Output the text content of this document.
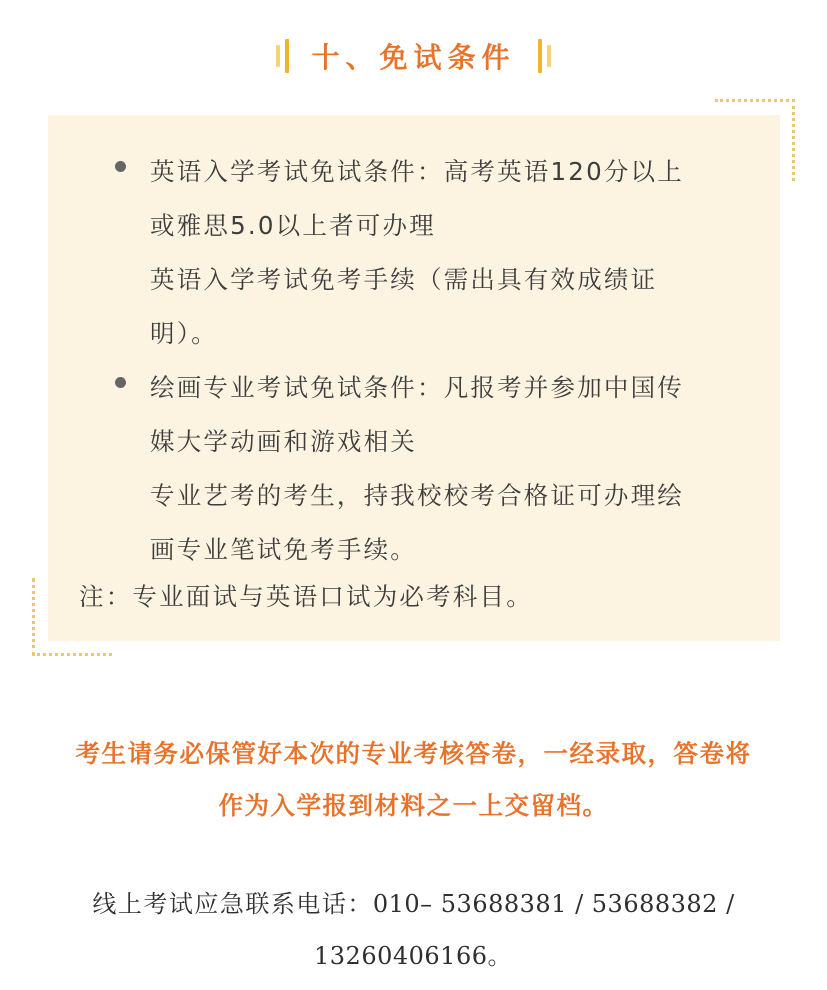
十、免试条件
英语入学考试免试条件：高考英语120分以上
或雅思5.0以上者可办理
英语入学考试免考手续（需出具有效成绩证
明）。
绘画专业考试免试条件：凡报考并参加中国传
媒大学动画和游戏相关
专业艺考的考生，持我校校考合格证可办理绘
画专业笔试免考手续。
注：专业面试与英语口试为必考科目。
考生请务必保管好本次的专业考核答卷，一经录取，答卷将
作为入学报到材料之一上交留档。
线上考试应急联系电话：010– 53688381 / 53688382 /
13260406166。
